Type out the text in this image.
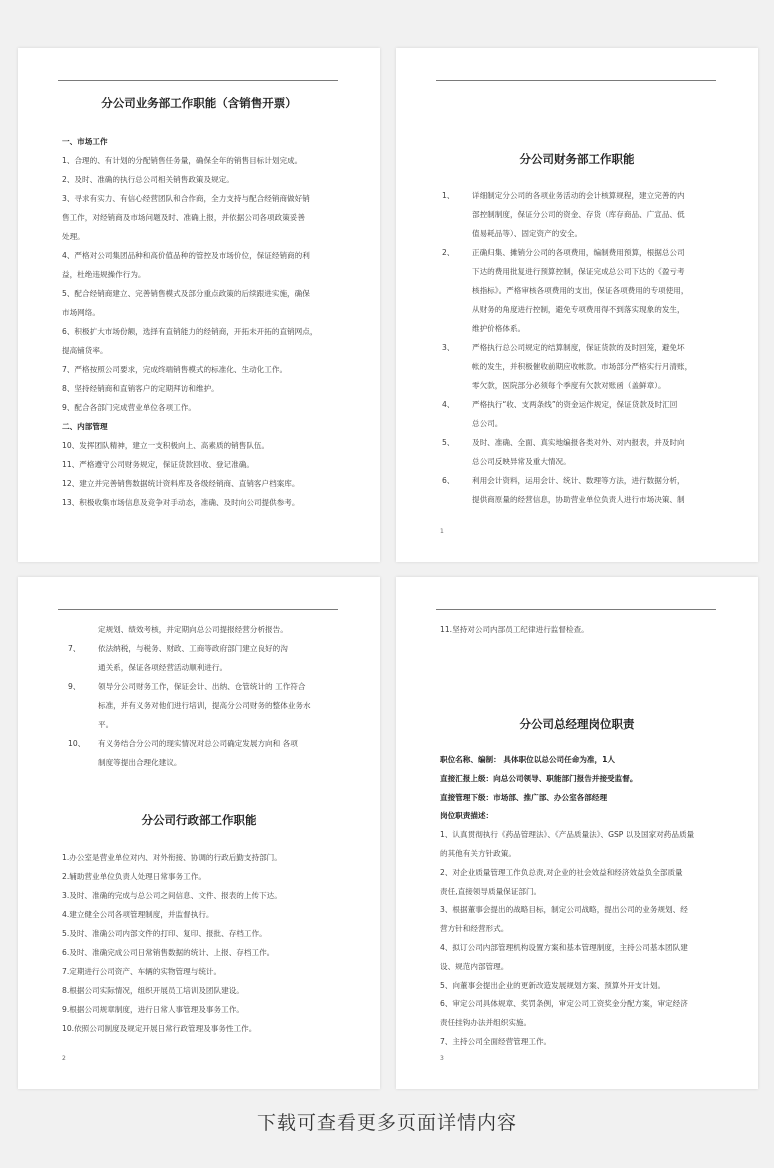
分公司业务部工作职能（含销售开票）

一、市场工作

1、合理的、有计划的分配销售任务量，确保全年的销售目标计划完成。

2、及时、准确的执行总公司相关销售政策及规定。

3、寻求有实力、有信心经营团队和合作商，全力支持与配合经销商做好销

售工作，对经销商及市场问题及时、准确上报，并依据公司各项政策妥善

处理。

4、严格对公司集团品种和高价值品种的管控及市场价位，保证经销商的利

益，杜绝违规操作行为。

5、配合经销商建立、完善销售模式及部分重点政策的后续跟进实施，确保

市场网络。

6、积极扩大市场份额，选择有直销能力的经销商，开拓未开拓的直销网点，

提高铺货率。

7、严格按照公司要求，完成终端销售模式的标准化、生动化工作。

8、坚持经销商和直销客户的定期拜访和维护。

9、配合各部门完成营业单位各项工作。

二、内部管理

10、发挥团队精神，建立一支积极向上、高素质的销售队伍。

11、严格遵守公司财务规定，保证货款回收、登记准确。

12、建立并完善销售数据统计资料库及各级经销商、直销客户档案库。

13、积极收集市场信息及竞争对手动态，准确、及时向公司提供参考。

分公司财务部工作职能

1、 详细制定分公司的各项业务活动的会计核算规程，建立完善的内

部控制制度，保证分公司的资金、存货（库存商品、广宣品、低

值易耗品等）、固定资产的安全。

2、 正确归集、摊销分公司的各项费用，编制费用预算，根据总公司

下达的费用批复进行预算控制，保证完成总公司下达的《盈亏考

核指标》。严格审核各项费用的支出，保证各项费用的专项使用，

从财务的角度进行控制，避免专项费用得不到落实现象的发生，

维护价格体系。

3、 严格执行总公司规定的结算制度，保证货款的及时回笼，避免坏

帐的发生，并积极催收前期应收帐款。市场部分严格实行月清账，

零欠款，医院部分必须每个季度有欠款对账函（盖鲜章）。

4、 严格执行“收、支两条线”的资金运作规定，保证货款及时汇回

总公司。

5、 及时、准确、全面、真实地编报各类对外、对内报表，并及时向

总公司反映异常及重大情况。

6、 利用会计资料，运用会计、统计、数理等方法，进行数据分析，

提供商原量的经营信息，协助营业单位负责人进行市场决策、制

1

定规划、绩效考核，并定期向总公司提报经营分析报告。

7、 依法纳税，与税务、财政、工商等政府部门建立良好的沟

通关系，保证各项经营活动顺利进行。

9、 领导分公司财务工作，保证会计、出纳、仓管统计的 工作符合

标准，并有义务对他们进行培训，提高分公司财务的整体业务水

平。

10、 有义务结合分公司的现实情况对总公司确定发展方向和 各项

制度等提出合理化建议。

分公司行政部工作职能

1.办公室是营业单位对内、对外衔接、协调的行政后勤支持部门。

2.辅助营业单位负责人处理日常事务工作。

3.及时、准确的完成与总公司之间信息、文件、报表的上传下达。

4.建立健全公司各项管理制度，并监督执行。

5.及时、准确公司内部文件的打印、复印、报批、存档工作。

6.及时、准确完成公司日常销售数据的统计、上报、存档工作。

7.定期进行公司资产、车辆的实物管理与统计。

8.根据公司实际情况，组织开展员工培训及团队建设。

9.根据公司规章制度，进行日常人事管理及事务工作。

10.依照公司制度及规定开展日常行政管理及事务性工作。

2

11.坚持对公司内部员工纪律进行监督检查。

分公司总经理岗位职责

职位名称、编制： 具体职位以总公司任命为准，1人

直接汇报上级：向总公司领导、职能部门报告并接受监督。

直接管理下级：市场部、推广部、办公室各部经理

岗位职责描述：

1、认真贯彻执行《药品管理法》、《产品质量法》、GSP 以及国家对药品质量

的其他有关方针政策。

2、对企业质量管理工作负总责,对企业的社会效益和经济效益负全部质量

责任,直接领导质量保证部门。

3、根据董事会提出的战略目标，制定公司战略，提出公司的业务规划、经

营方针和经营形式。

4、拟订公司内部管理机构设置方案和基本管理制度，主持公司基本团队建

设、规范内部管理。

5、向董事会提出企业的更新改造发展规划方案、预算外开支计划。

6、审定公司具体规章、奖罚条例，审定公司工资奖金分配方案，审定经济

责任挂钩办法并组织实施。

7、主持公司全面经营管理工作。

3
下载可查看更多页面详情内容
